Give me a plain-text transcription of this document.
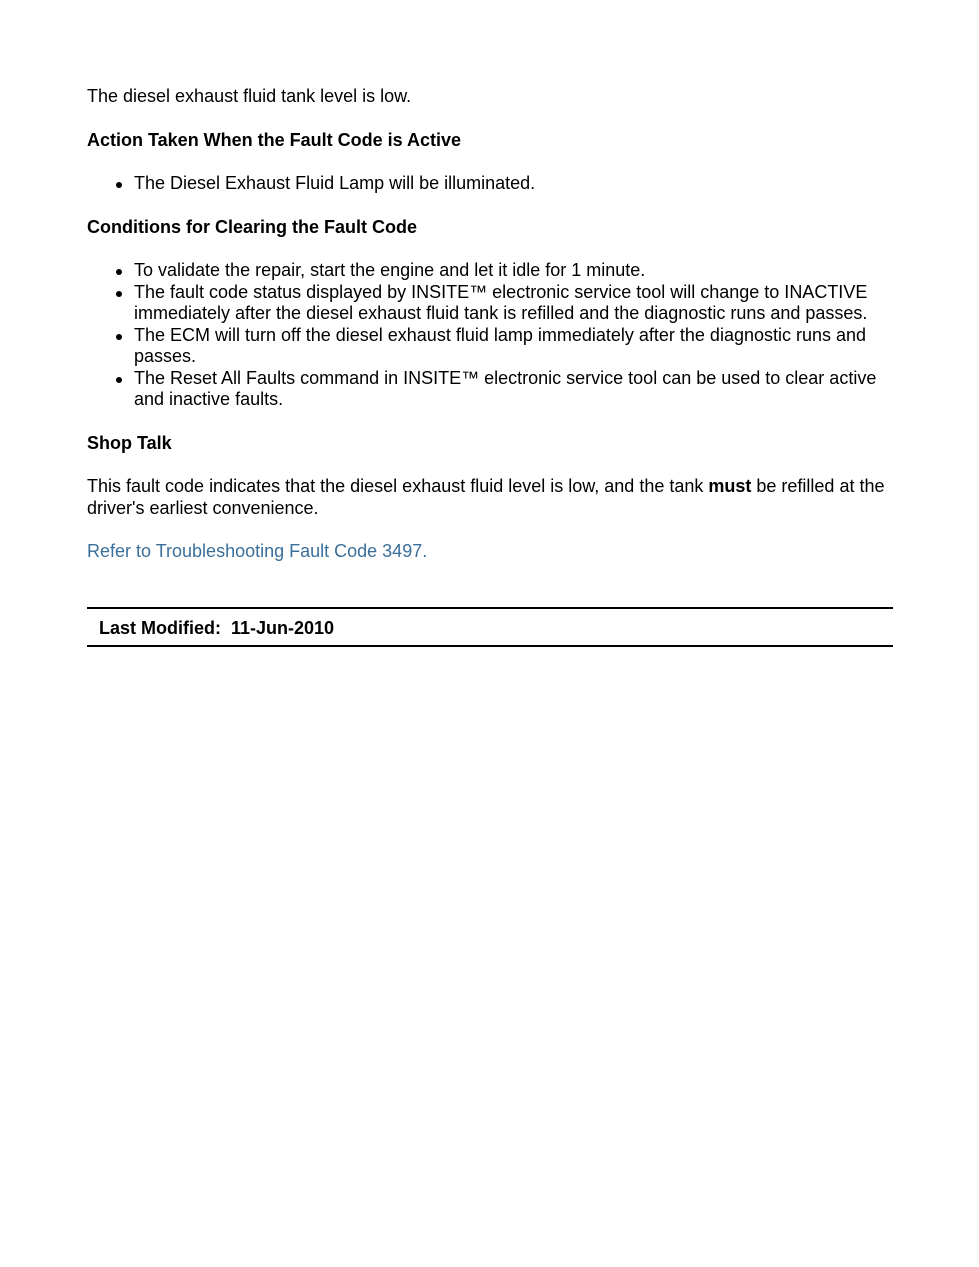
The diesel exhaust fluid tank level is low.

Action Taken When the Fault Code is Active
The Diesel Exhaust Fluid Lamp will be illuminated.
Conditions for Clearing the Fault Code
To validate the repair, start the engine and let it idle for 1 minute.
The fault code status displayed by INSITE™ electronic service tool will change to INACTIVE immediately after the diesel exhaust fluid tank is refilled and the diagnostic runs and passes.
The ECM will turn off the diesel exhaust fluid lamp immediately after the diagnostic runs and passes.
The Reset All Faults command in INSITE™ electronic service tool can be used to clear active and inactive faults.
Shop Talk

This fault code indicates that the diesel exhaust fluid level is low, and the tank must be refilled at the driver's earliest convenience.

Refer to Troubleshooting Fault Code 3497.

Last Modified:  11-Jun-2010
